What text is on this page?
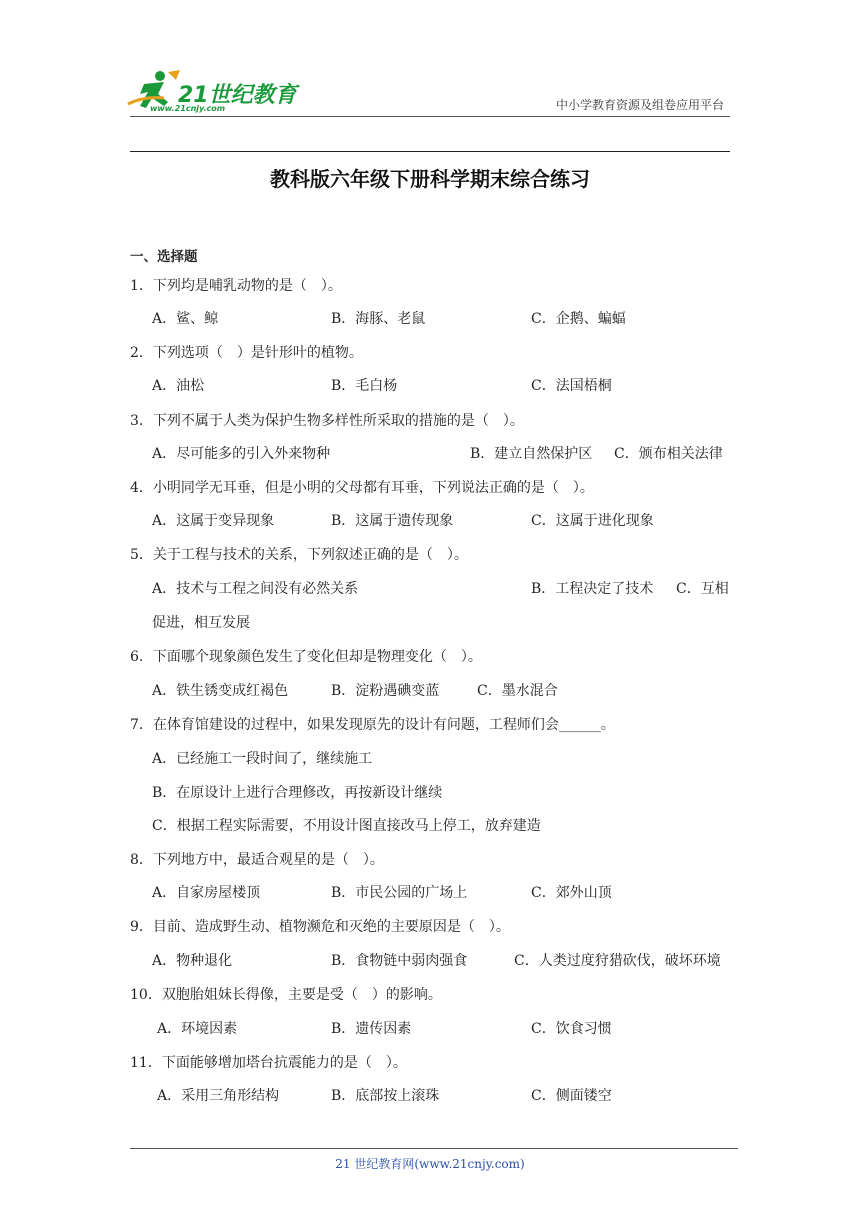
21世纪教育
www.21cnjy.com	中小学教育资源及组卷应用平台
教科版六年级下册科学期末综合练习
一、选择题
1．下列均是哺乳动物的是（　）。
A．鲨、鲸	B．海豚、老鼠	C．企鹅、蝙蝠
2．下列选项（　）是针形叶的植物。
A．油松	B．毛白杨	C．法国梧桐
3．下列不属于人类为保护生物多样性所采取的措施的是（　）。
A．尽可能多的引入外来物种	B．建立自然保护区 C．颁布相关法律
4．小明同学无耳垂，但是小明的父母都有耳垂，下列说法正确的是（　）。
A．这属于变异现象	B．这属于遗传现象	C．这属于进化现象
5．关于工程与技术的关系，下列叙述正确的是（　）。
A．技术与工程之间没有必然关系	B．工程决定了技术 C．互相
促进，相互发展
6．下面哪个现象颜色发生了变化但却是物理变化（　）。
A．铁生锈变成红褐色	B．淀粉遇碘变蓝	C．墨水混合
7．在体育馆建设的过程中，如果发现原先的设计有问题，工程师们会______。
A．已经施工一段时间了，继续施工
B．在原设计上进行合理修改，再按新设计继续
C．根据工程实际需要，不用设计图直接改马上停工，放弃建造
8．下列地方中，最适合观星的是（　）。
A．自家房屋楼顶	B．市民公园的广场上	C．郊外山顶
9．目前、造成野生动、植物濒危和灭绝的主要原因是（　）。
A．物种退化	B．食物链中弱肉强食	C．人类过度狩猎砍伐，破坏环境
10．双胞胎姐妹长得像，主要是受（　）的影响。
A．环境因素	B．遗传因素	C．饮食习惯
11．下面能够增加塔台抗震能力的是（　）。
A．采用三角形结构	B．底部按上滚珠	C．侧面镂空
21 世纪教育网(www.21cnjy.com)
